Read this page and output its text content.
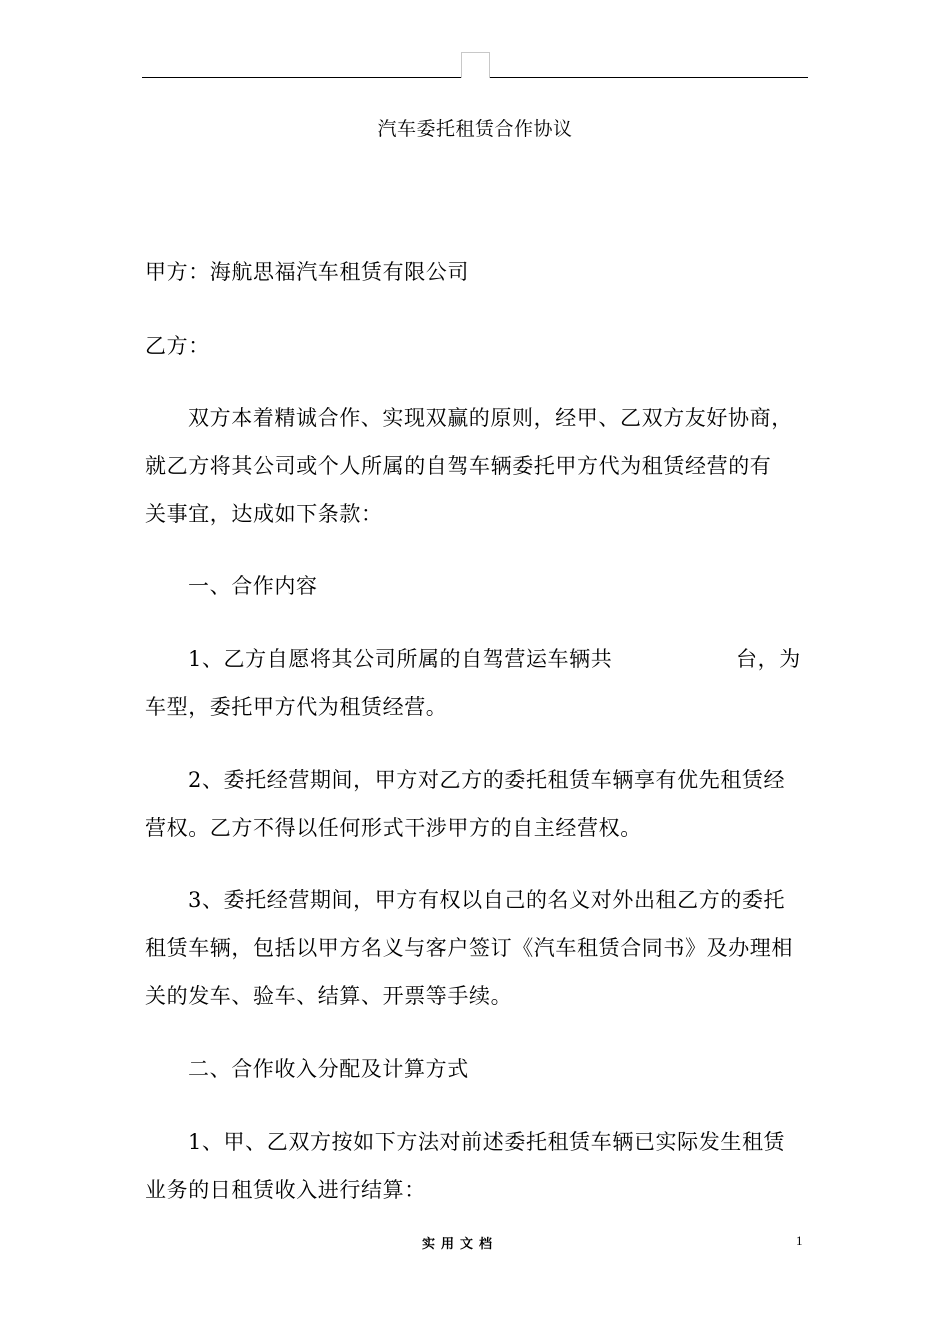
汽车委托租赁合作协议
甲方：海航思福汽车租赁有限公司
乙方：
双方本着精诚合作、实现双赢的原则，经甲、乙双方友好协商，
就乙方将其公司或个人所属的自驾车辆委托甲方代为租赁经营的有
关事宜，达成如下条款：
一、合作内容
1、乙方自愿将其公司所属的自驾营运车辆共	台，为
车型，委托甲方代为租赁经营。
2、委托经营期间，甲方对乙方的委托租赁车辆享有优先租赁经
营权。乙方不得以任何形式干涉甲方的自主经营权。
3、委托经营期间，甲方有权以自己的名义对外出租乙方的委托
租赁车辆，包括以甲方名义与客户签订《汽车租赁合同书》及办理相
关的发车、验车、结算、开票等手续。
二、合作收入分配及计算方式
1、甲、乙双方按如下方法对前述委托租赁车辆已实际发生租赁
业务的日租赁收入进行结算：
实用文档	1
